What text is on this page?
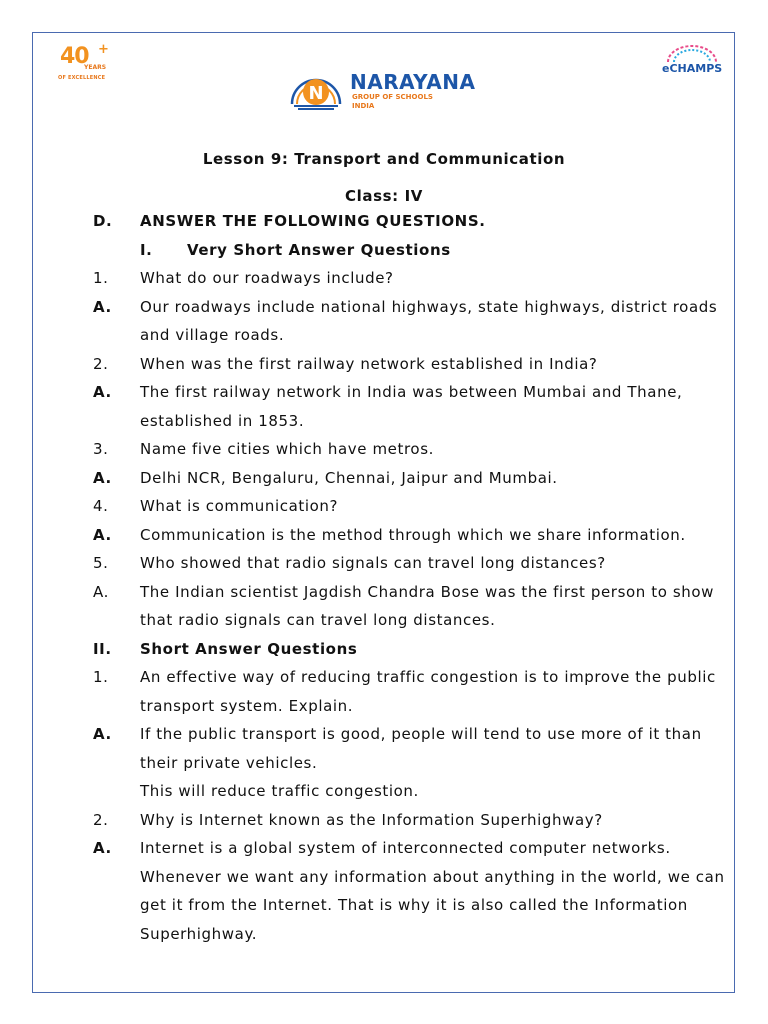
40 +
YEARS
OF EXCELLENCE
N NARAYANA
GROUP OF SCHOOLS
INDIA
eCHAMPS
Lesson 9: Transport and Communication
Class: IV
D. ANSWER THE FOLLOWING QUESTIONS.
I. Very Short Answer Questions
1. What do our roadways include?
A. Our roadways include national highways, state highways, district roads
and village roads.
2. When was the first railway network established in India?
A. The first railway network in India was between Mumbai and Thane,
established in 1853.
3. Name five cities which have metros.
A. Delhi NCR, Bengaluru, Chennai, Jaipur and Mumbai.
4. What is communication?
A. Communication is the method through which we share information.
5. Who showed that radio signals can travel long distances?
A. The Indian scientist Jagdish Chandra Bose was the first person to show
that radio signals can travel long distances.
II. Short Answer Questions
1. An effective way of reducing traffic congestion is to improve the public
transport system. Explain.
A. If the public transport is good, people will tend to use more of it than
their private vehicles.
This will reduce traffic congestion.
2. Why is Internet known as the Information Superhighway?
A. Internet is a global system of interconnected computer networks.
Whenever we want any information about anything in the world, we can
get it from the Internet. That is why it is also called the Information
Superhighway.
